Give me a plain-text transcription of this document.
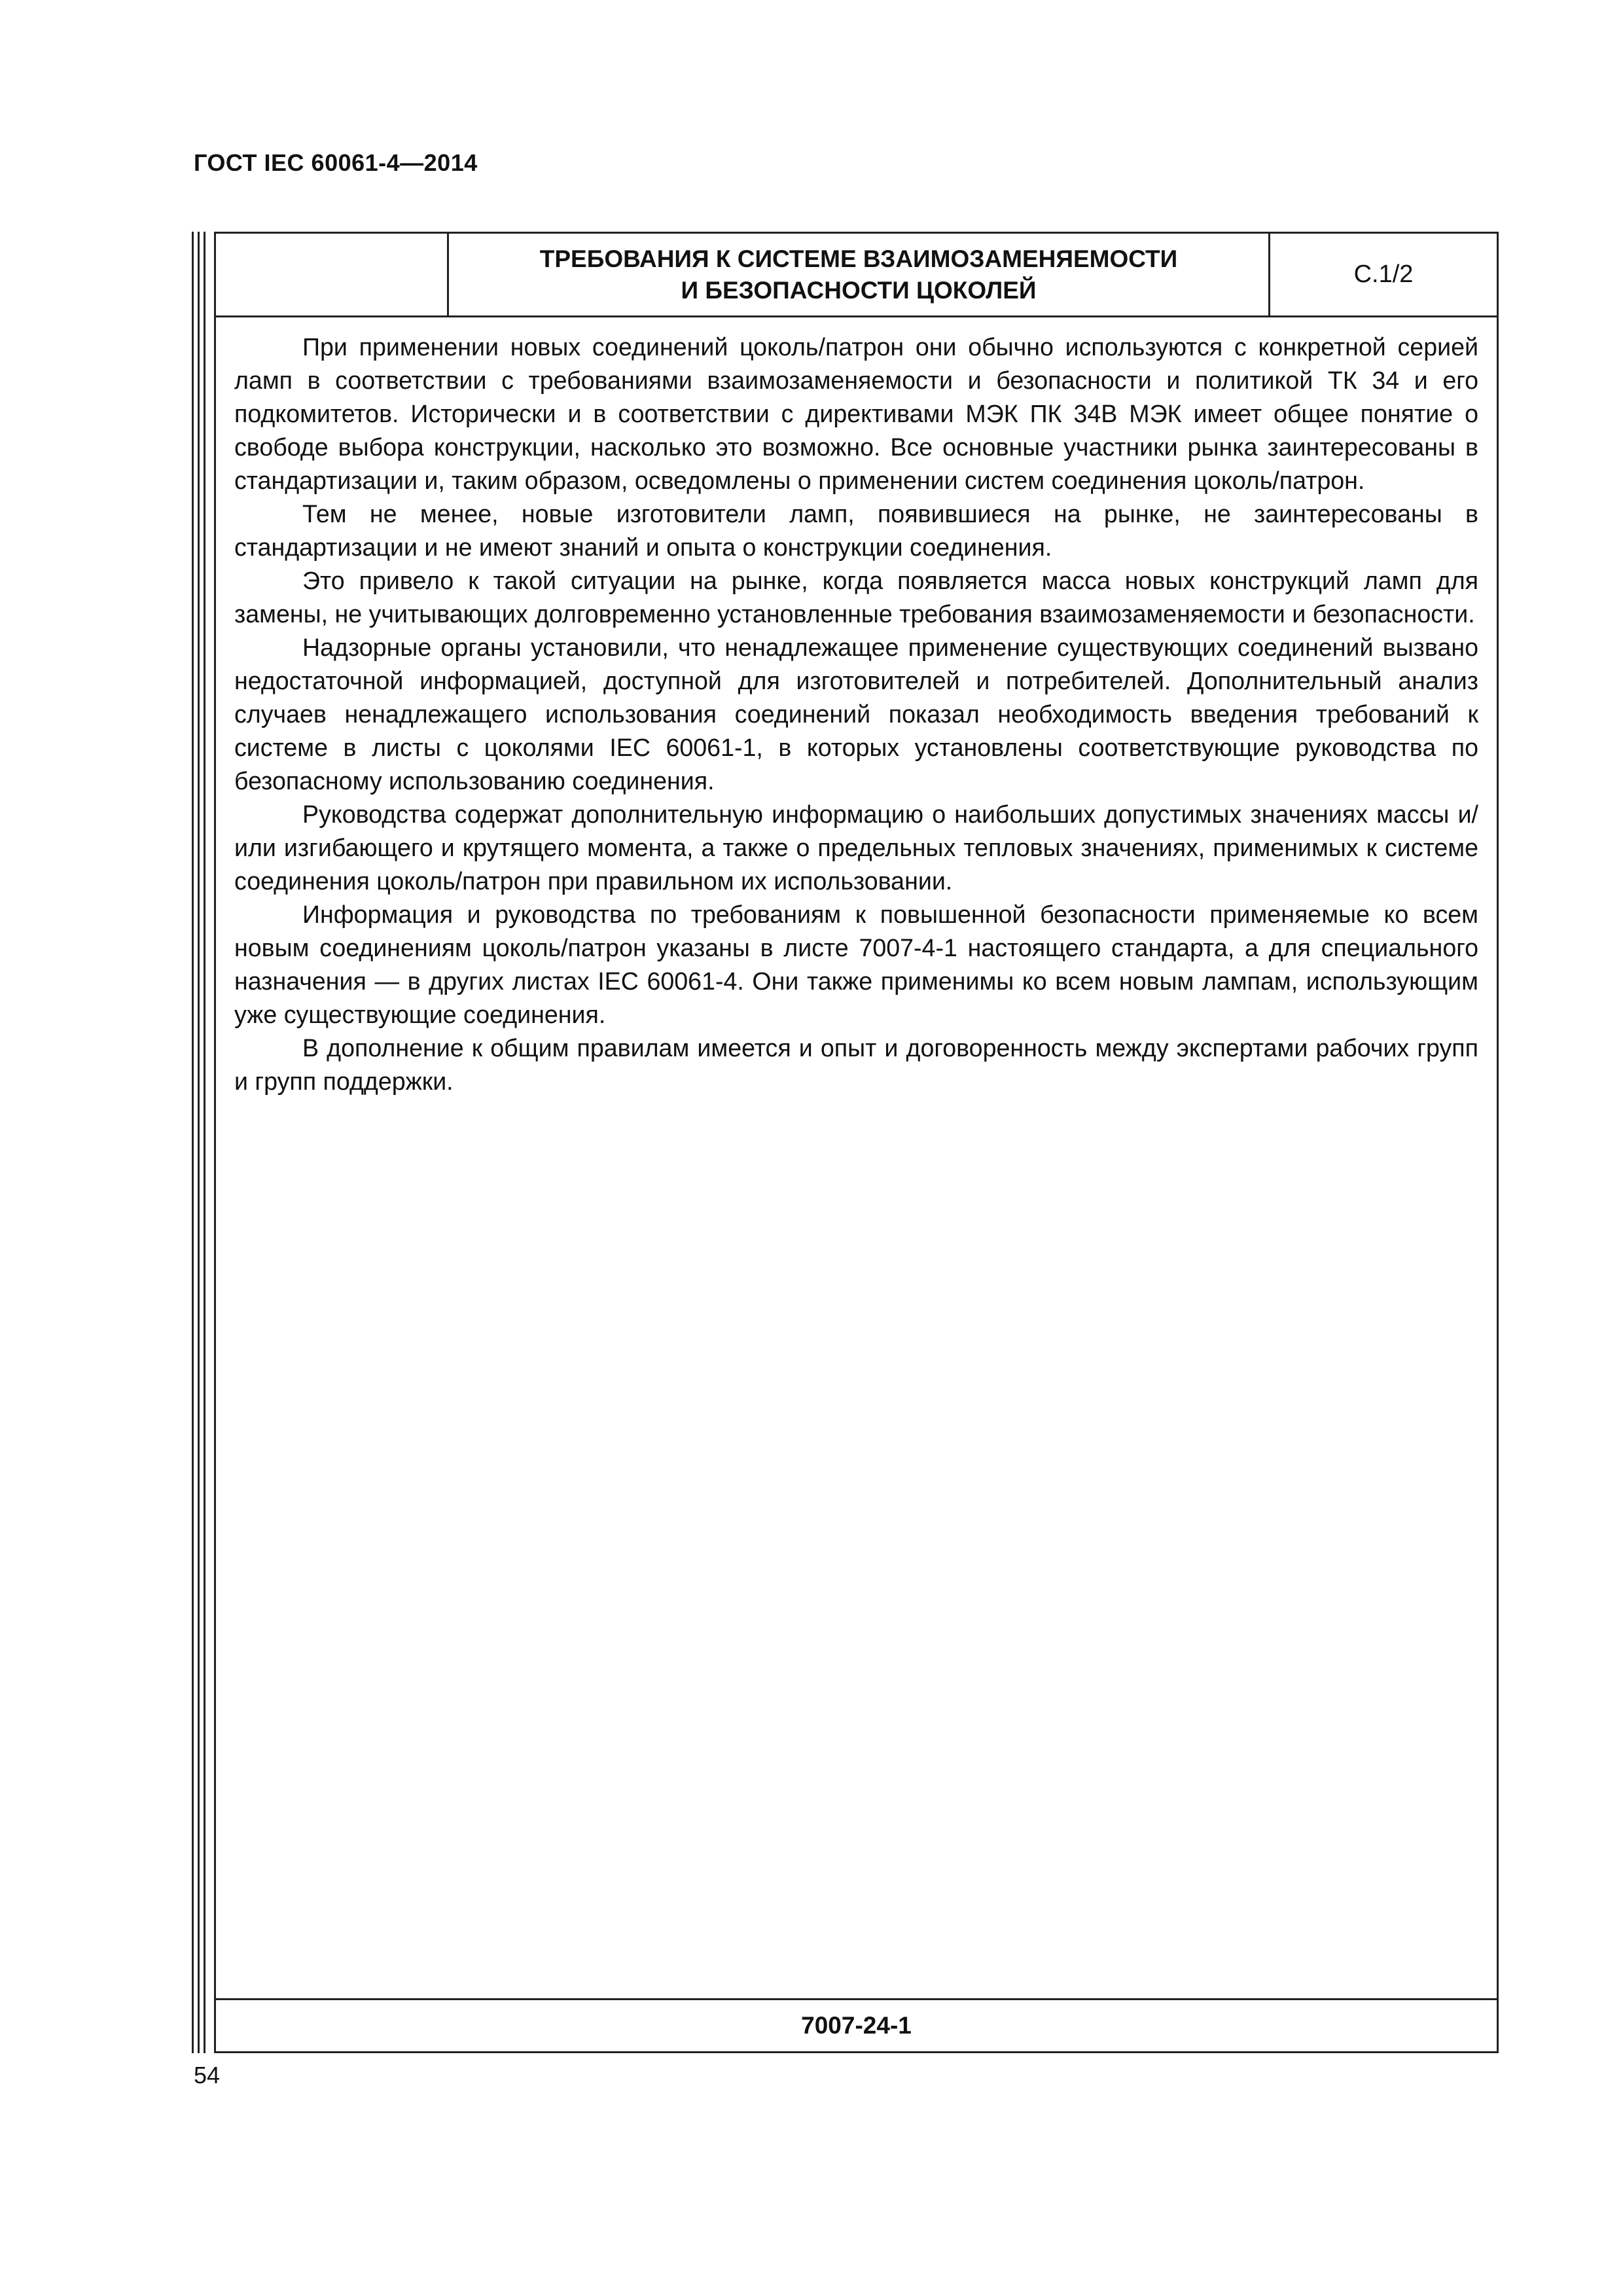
ГОСТ IEC 60061-4—2014
ТРЕБОВАНИЯ К СИСТЕМЕ ВЗАИМОЗАМЕНЯЕМОСТИ
И БЕЗОПАСНОСТИ ЦОКОЛЕЙ
С.1/2

При применении новых соединений цоколь/патрон они обычно используются с конкретной серией ламп в соответствии с требованиями взаимозаменяемости и безопасности и политикой ТК 34 и его подкомитетов. Исторически и в соответствии с директивами МЭК ПК 34В МЭК имеет общее понятие о свободе выбора конструкции, насколько это возможно. Все основные участники рынка заинтересованы в стандартизации и, таким образом, осведомлены о применении систем соединения цоколь/патрон.

Тем не менее, новые изготовители ламп, появившиеся на рынке, не заинтересованы в стандартизации и не имеют знаний и опыта о конструкции соединения.

Это привело к такой ситуации на рынке, когда появляется масса новых конструкций ламп для замены, не учитывающих долговременно установленные требования взаимозаменяемости и безопасности.

Надзорные органы установили, что ненадлежащее применение существующих соединений вызвано недостаточной информацией, доступной для изготовителей и потребителей. Дополнительный анализ случаев ненадлежащего использования соединений показал необходимость введения требований к системе в листы с цоколями IEC 60061-1, в которых установлены соответствующие руководства по безопасному использованию соединения.

Руководства содержат дополнительную информацию о наибольших допустимых значениях массы и/или изгибающего и крутящего момента, а также о предельных тепловых значениях, применимых к системе соединения цоколь/патрон при правильном их использовании.

Информация и руководства по требованиям к повышенной безопасности применяемые ко всем новым соединениям цоколь/патрон указаны в листе 7007-4-1 настоящего стандарта, а для специального назначения — в других листах IEC 60061-4. Они также применимы ко всем новым лампам, использующим уже существующие соединения.

В дополнение к общим правилам имеется и опыт и договоренность между экспертами рабочих групп и групп поддержки.

7007-24-1
54
